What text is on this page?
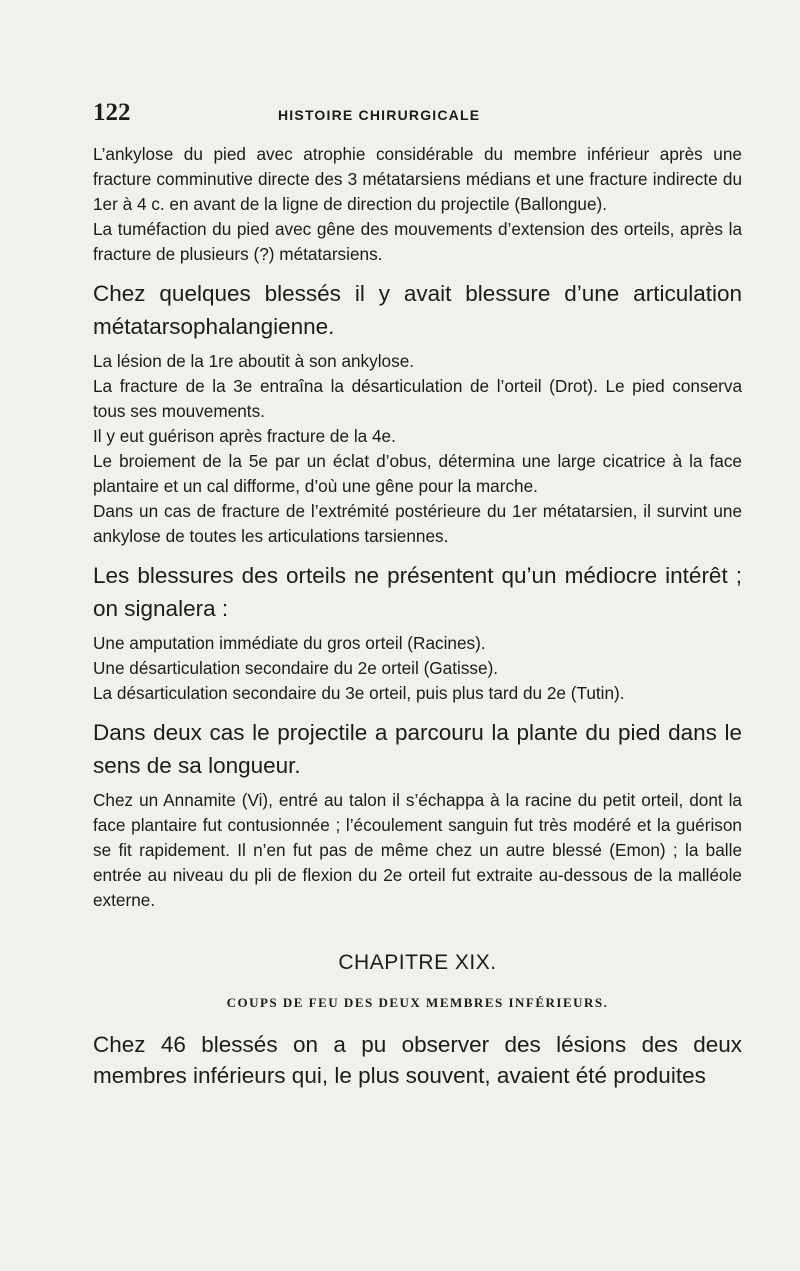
122	HISTOIRE CHIRURGICALE

L’ankylose du pied avec atrophie considérable du membre inférieur après une fracture comminutive directe des 3 métatarsiens médians et une fracture indirecte du 1er à 4 c. en avant de la ligne de direction du projectile (Ballongue).

La tuméfaction du pied avec gêne des mouvements d’extension des orteils, après la fracture de plusieurs (?) métatarsiens.

Chez quelques blessés il y avait blessure d’une articulation métatarsophalangienne.

La lésion de la 1re aboutit à son ankylose.

La fracture de la 3e entraîna la désarticulation de l’orteil (Drot). Le pied conserva tous ses mouvements.

Il y eut guérison après fracture de la 4e.

Le broiement de la 5e par un éclat d’obus, détermina une large cicatrice à la face plantaire et un cal difforme, d’où une gêne pour la marche.

Dans un cas de fracture de l’extrémité postérieure du 1er métatarsien, il survint une ankylose de toutes les articulations tarsiennes.

Les blessures des orteils ne présentent qu’un médiocre intérêt ; on signalera :

Une amputation immédiate du gros orteil (Racines).

Une désarticulation secondaire du 2e orteil (Gatisse).

La désarticulation secondaire du 3e orteil, puis plus tard du 2e (Tutin).

Dans deux cas le projectile a parcouru la plante du pied dans le sens de sa longueur.

Chez un Annamite (Vi), entré au talon il s’échappa à la racine du petit orteil, dont la face plantaire fut contusionnée ; l’écoulement sanguin fut très modéré et la guérison se fit rapidement. Il n’en fut pas de même chez un autre blessé (Emon) ; la balle entrée au niveau du pli de flexion du 2e orteil fut extraite au-dessous de la malléole externe.

CHAPITRE XIX.
COUPS DE FEU DES DEUX MEMBRES INFÉRIEURS.

Chez 46 blessés on a pu observer des lésions des deux membres inférieurs qui, le plus souvent, avaient été produites
